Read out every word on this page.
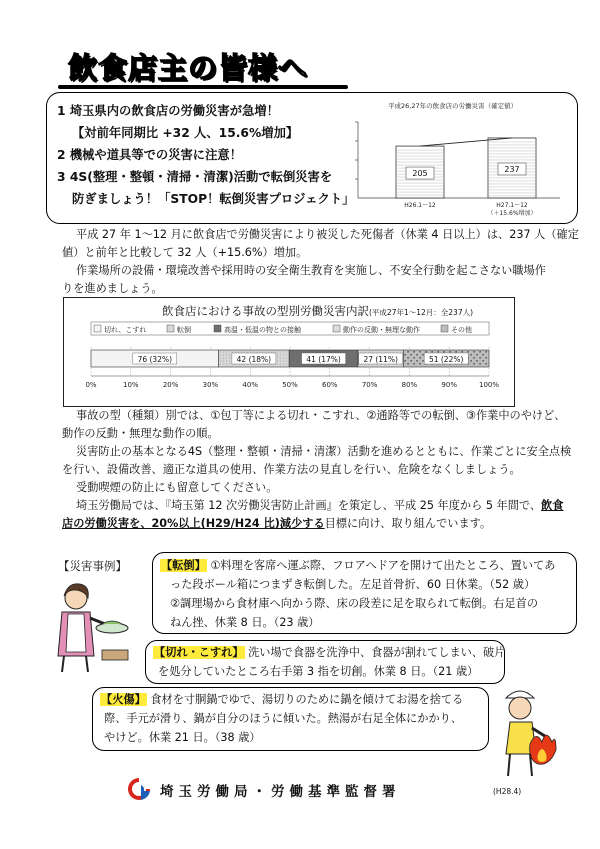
飲食店主の皆様へ
1 埼玉県内の飲食店の労働災害が急増！
【対前年同期比 +32 人、15.6%増加】
2 機械や道具等での災害に注意！
3 4S(整理・整頓・清掃・清潔)活動で転倒災害を
防ぎましょう！「STOP！転倒災害プロジェクト」
平成26,27年の飲食店の労働災害（確定値）
205
H26.1～12
237
H27.1～12
（＋15.6%増加）
平成 27 年 1～12 月に飲食店で労働災害により被災した死傷者（休業 4 日以上）は、237 人（確定
値）と前年と比較して 32 人（+15.6%）増加。
作業場所の設備・環境改善や採用時の安全衛生教育を実施し、不安全行動を起こさない職場作
りを進めましょう。
飲食店における事故の型別労働災害内訳(平成27年1～12月：全237人)
切れ、こすれ	転倒	高温・低温の物との接触	動作の反動・無理な動作	その他
0%	10%	20%	30%	40%	50%	60%	70%	80%	90%	100%
76 (32%)	42 (18%)	41 (17%)	27 (11%)	51 (22%)
事故の型（種類）別では、①包丁等による切れ・こすれ、②通路等での転倒、③作業中のやけど、
動作の反動・無理な動作の順。
災害防止の基本となる4S（整理・整頓・清掃・清潔）活動を進めるとともに、作業ごとに安全点検
を行い、設備改善、適正な道具の使用、作業方法の見直しを行い、危険をなくしましょう。
受動喫煙の防止にも留意してください。
埼玉労働局では、『埼玉第 12 次労働災害防止計画』を策定し、平成 25 年度から 5 年間で、飲食
店の労働災害を、20%以上(H29/H24 比)減少する目標に向け、取り組んでいます。
【災害事例】	【転倒】 ①料理を客席へ運ぶ際、フロアへドアを開けて出たところ、置いてあ
った段ボール箱につまずき転倒した。左足首骨折、60 日休業。（52 歳）
②調理場から食材庫へ向かう際、床の段差に足を取られて転倒。右足首の
ねん挫、休業 8 日。（23 歳）
【切れ・こすれ】 洗い場で食器を洗浄中、食器が割れてしまい、破片
を処分していたところ右手第 3 指を切創。休業 8 日。（21 歳）
【火傷】 食材を寸胴鍋でゆで、湯切りのために鍋を傾けてお湯を捨てる
際、手元が滑り、鍋が自分のほうに傾いた。熱湯が右足全体にかかり、
やけど。休業 21 日。（38 歳）
埼玉労働局・労働基準監督署	(H28.4)
